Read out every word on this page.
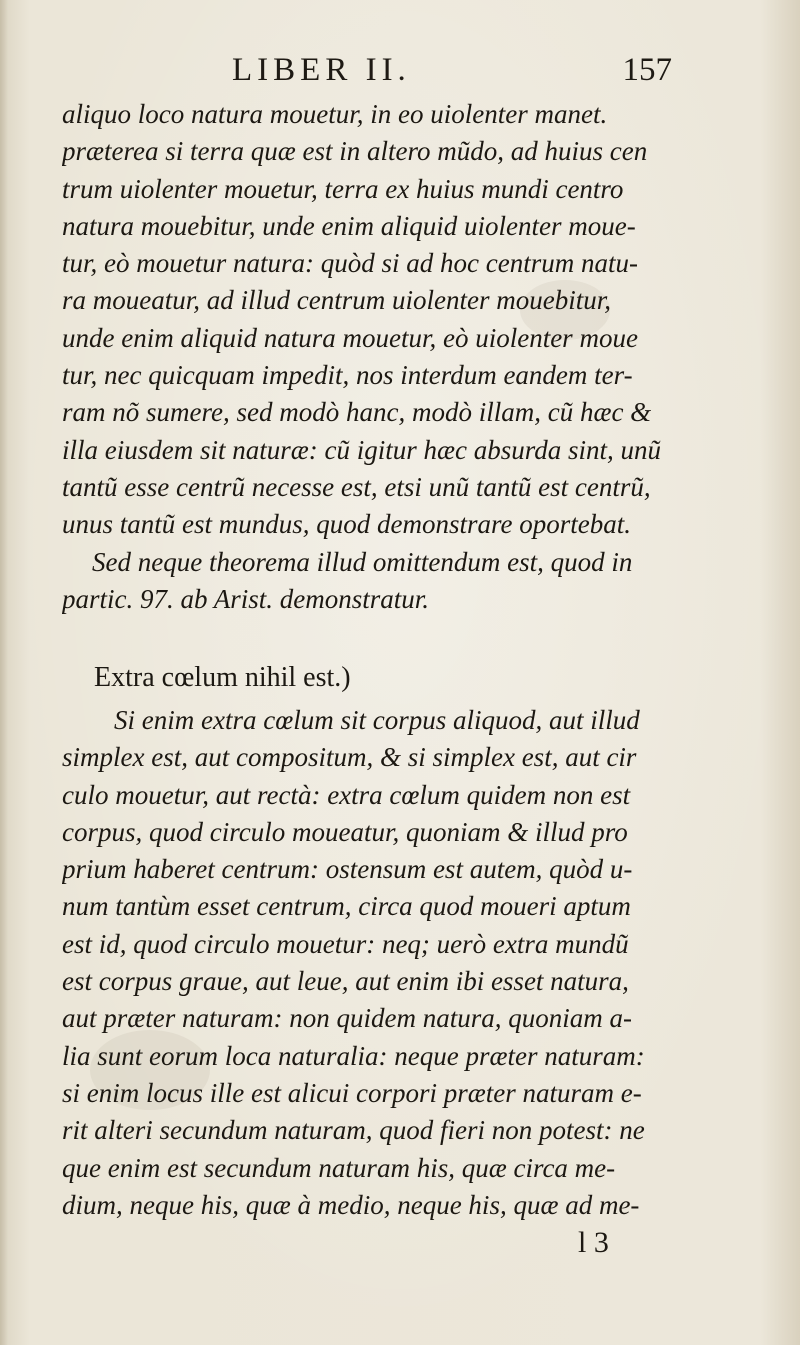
LIBER II.	157
aliquo loco natura mouetur, in eo uiolenter manet.
præterea si terra quæ est in altero mũdo, ad huius cen
trum uiolenter mouetur, terra ex huius mundi centro
natura mouebitur, unde enim aliquid uiolenter moue-
tur, eò mouetur natura: quòd si ad hoc centrum natu-
ra moueatur, ad illud centrum uiolenter mouebitur,
unde enim aliquid natura mouetur, eò uiolenter moue
tur, nec quicquam impedit, nos interdum eandem ter-
ram nõ sumere, sed modò hanc, modò illam, cũ hæc &
illa eiusdem sit naturæ: cũ igitur hæc absurda sint, unũ
tantũ esse centrũ necesse est, etsi unũ tantũ est centrũ,
unus tantũ est mundus, quod demonstrare oportebat.
Sed neque theorema illud omittendum est, quod in
partic. 97. ab Arist. demonstratur.
Extra cœlum nihil est.)
Si enim extra cœlum sit corpus aliquod, aut illud
simplex est, aut compositum, & si simplex est, aut cir
culo mouetur, aut rectà: extra cœlum quidem non est
corpus, quod circulo moueatur, quoniam & illud pro
prium haberet centrum: ostensum est autem, quòd u-
num tantùm esset centrum, circa quod moueri aptum
est id, quod circulo mouetur: neq; uerò extra mundũ
est corpus graue, aut leue, aut enim ibi esset natura,
aut præter naturam: non quidem natura, quoniam a-
lia sunt eorum loca naturalia: neque præter naturam:
si enim locus ille est alicui corpori præter naturam e-
rit alteri secundum naturam, quod fieri non potest: ne
que enim est secundum naturam his, quæ circa me-
dium, neque his, quæ à medio, neque his, quæ ad me-
l 3
